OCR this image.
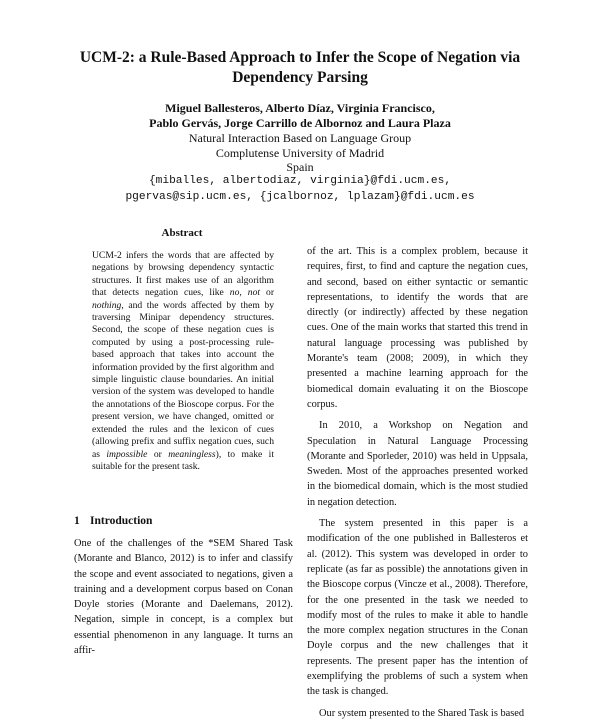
UCM-2: a Rule-Based Approach to Infer the Scope of Negation via
Dependency Parsing
Miguel Ballesteros, Alberto Díaz, Virginia Francisco,
Pablo Gervás, Jorge Carrillo de Albornoz and Laura Plaza
Natural Interaction Based on Language Group
Complutense University of Madrid
Spain
{miballes, albertodiaz, virginia}@fdi.ucm.es,
pgervas@sip.ucm.es, {jcalbornoz, lplazam}@fdi.ucm.es
Abstract

UCM-2 infers the words that are affected by negations by browsing dependency syntactic structures. It first makes use of an algorithm that detects negation cues, like no, not or nothing, and the words affected by them by traversing Minipar dependency structures. Second, the scope of these negation cues is computed by using a post-processing rule-based approach that takes into account the information provided by the first algorithm and simple linguistic clause boundaries. An initial version of the system was developed to handle the annotations of the Bioscope corpus. For the present version, we have changed, omitted or extended the rules and the lexicon of cues (allowing prefix and suffix negation cues, such as impossible or meaningless), to make it suitable for the present task.

1 Introduction

One of the challenges of the *SEM Shared Task (Morante and Blanco, 2012) is to infer and classify the scope and event associated to negations, given a training and a development corpus based on Conan Doyle stories (Morante and Daelemans, 2012). Negation, simple in concept, is a complex but essential phenomenon in any language. It turns an affir-

of the art. This is a complex problem, because it requires, first, to find and capture the negation cues, and second, based on either syntactic or semantic representations, to identify the words that are directly (or indirectly) affected by these negation cues. One of the main works that started this trend in natural language processing was published by Morante's team (2008; 2009), in which they presented a machine learning approach for the biomedical domain evaluating it on the Bioscope corpus.

In 2010, a Workshop on Negation and Speculation in Natural Language Processing (Morante and Sporleder, 2010) was held in Uppsala, Sweden. Most of the approaches presented worked in the biomedical domain, which is the most studied in negation detection.

The system presented in this paper is a modification of the one published in Ballesteros et al. (2012). This system was developed in order to replicate (as far as possible) the annotations given in the Bioscope corpus (Vincze et al., 2008). Therefore, for the one presented in the task we needed to modify most of the rules to make it able to handle the more complex negation structures in the Conan Doyle corpus and the new challenges that it represents. The present paper has the intention of exemplifying the problems of such a system when the task is changed.

Our system presented to the Shared Task is based
